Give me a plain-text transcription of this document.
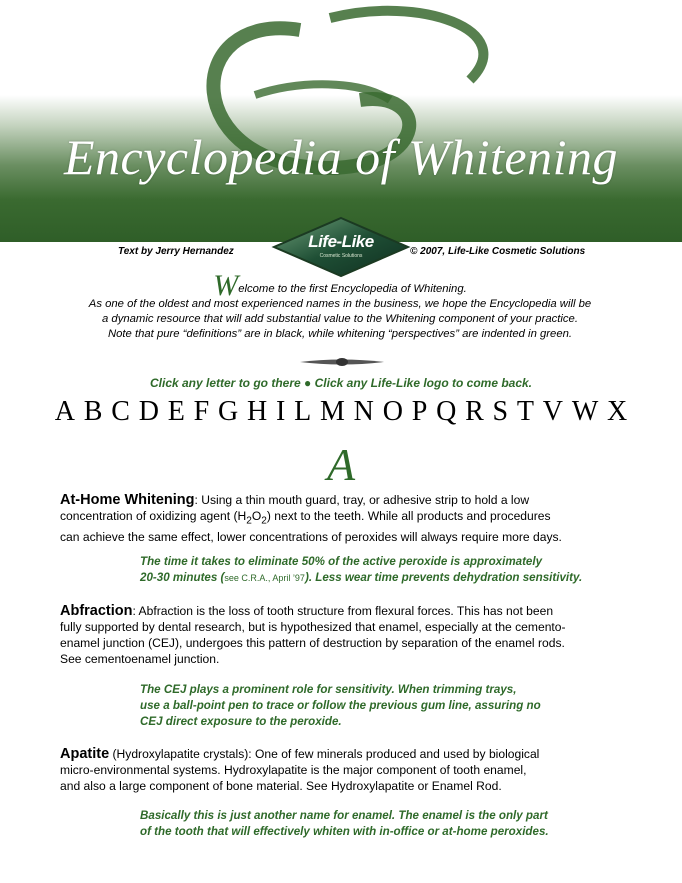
Encyclopedia of Whitening
Text by Jerry Hernandez	© 2007, Life-Like Cosmetic Solutions
Life-Like
Cosmetic Solutions
Welcome to the first Encyclopedia of Whitening.
As one of the oldest and most experienced names in the business, we hope the Encyclopedia will be
a dynamic resource that will add substantial value to the Whitening component of your practice.
Note that pure “definitions” are in black, while whitening “perspectives” are indented in green.
Click any letter to go there ● Click any Life-Like logo to come back.
A B C D E F G H I L M N O P Q R S T V W X
A
At-Home Whitening: Using a thin mouth guard, tray, or adhesive strip to hold a low
concentration of oxidizing agent $(H_2O_2)$ next to the teeth. While all products and procedures
can achieve the same effect, lower concentrations of peroxides will always require more days.
The time it takes to eliminate 50% of the active peroxide is approximately
20-30 minutes (see C.R.A., April ’97). Less wear time prevents dehydration sensitivity.
Abfraction: Abfraction is the loss of tooth structure from flexural forces. This has not been
fully supported by dental research, but is hypothesized that enamel, especially at the cemento-
enamel junction (CEJ), undergoes this pattern of destruction by separation of the enamel rods.
See cementoenamel junction.
The CEJ plays a prominent role for sensitivity. When trimming trays,
use a ball-point pen to trace or follow the previous gum line, assuring no
CEJ direct exposure to the peroxide.
Apatite (Hydroxylapatite crystals): One of few minerals produced and used by biological
micro-environmental systems. Hydroxylapatite is the major component of tooth enamel,
and also a large component of bone material. See Hydroxylapatite or Enamel Rod.
Basically this is just another name for enamel. The enamel is the only part
of the tooth that will effectively whiten with in-office or at-home peroxides.
